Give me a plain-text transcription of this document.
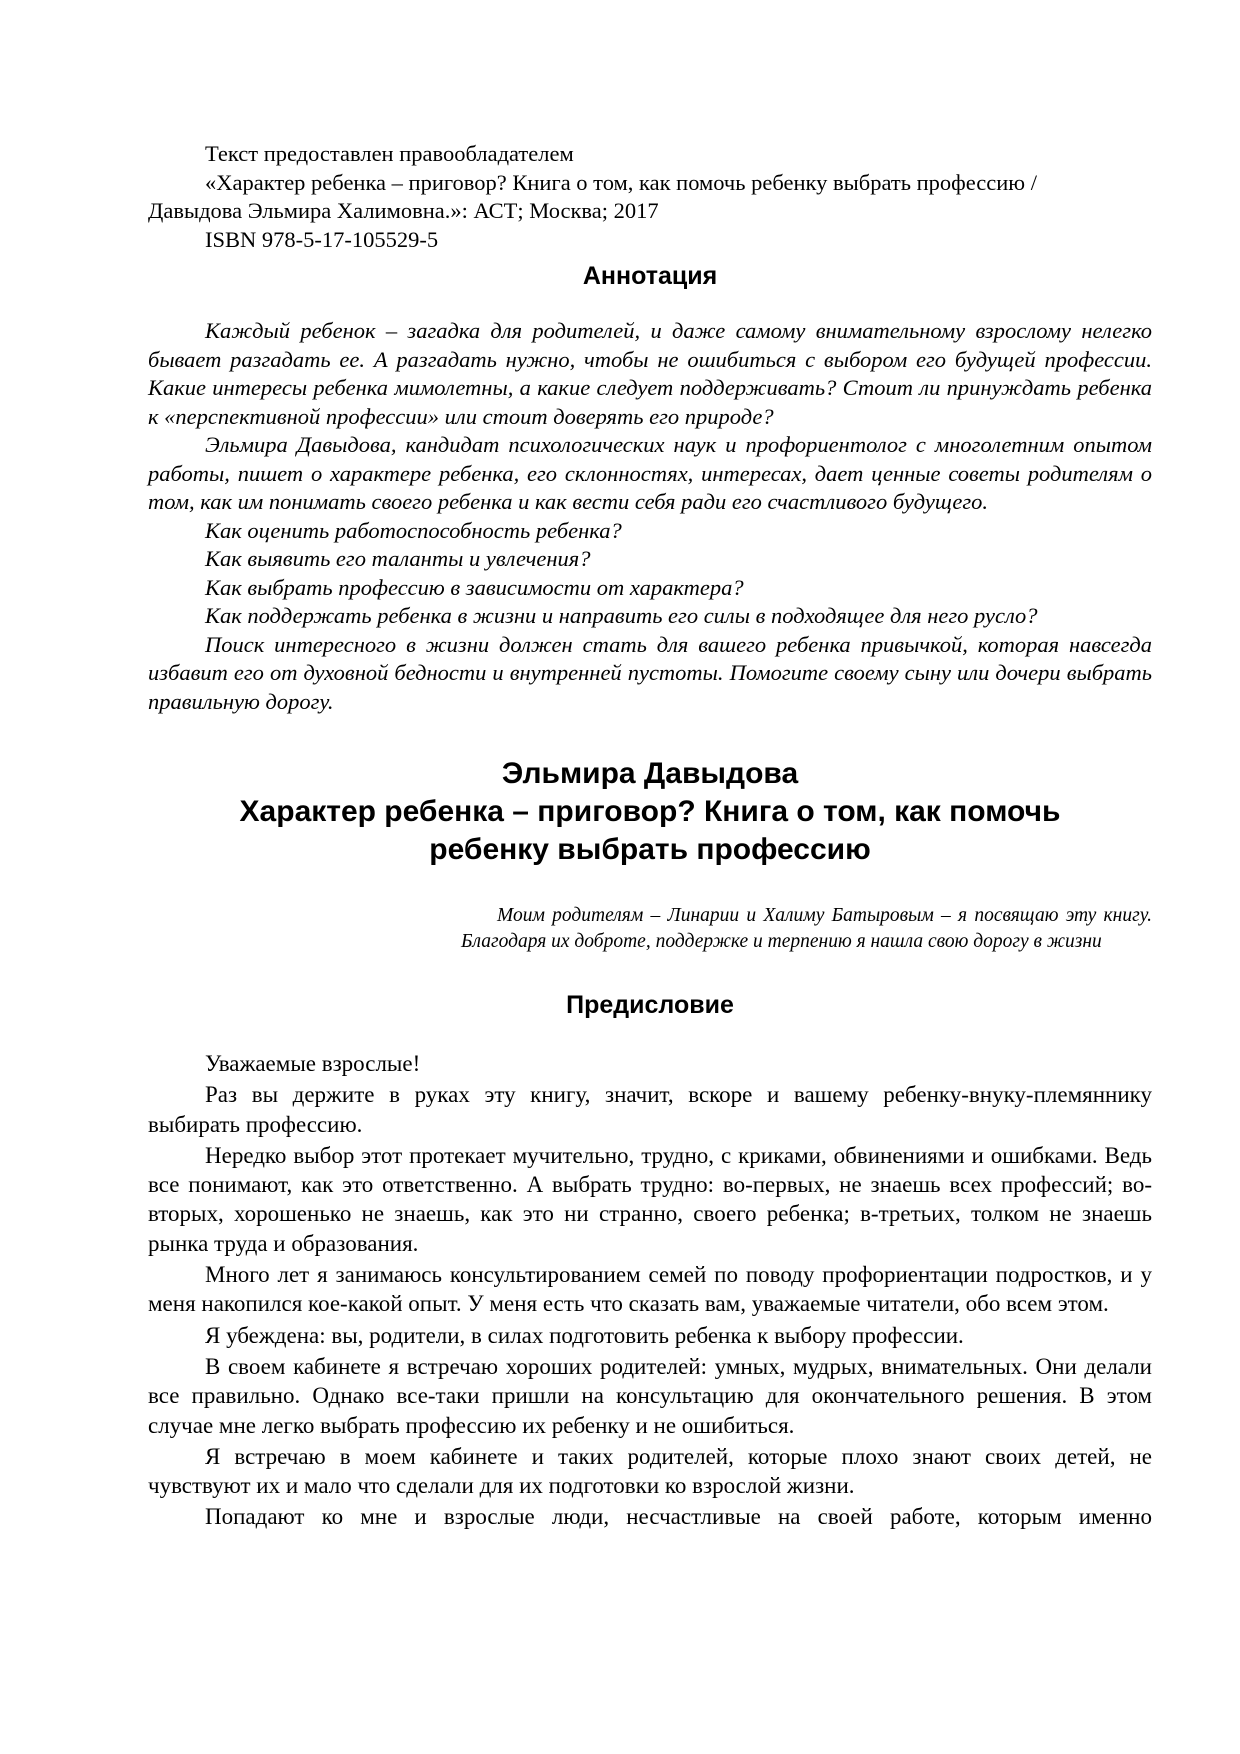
Текст предоставлен правообладателем

«Характер ребенка – приговор? Книга о том, как помочь ребенку выбрать профессию /

Давыдова Эльмира Халимовна.»: АСТ; Москва; 2017

ISBN 978-5-17-105529-5

Аннотация

Каждый ребенок – загадка для родителей, и даже самому внимательному взрослому нелегко бывает разгадать ее. А разгадать нужно, чтобы не ошибиться с выбором его будущей профессии. Какие интересы ребенка мимолетны, а какие следует поддерживать? Стоит ли принуждать ребенка к «перспективной профессии» или стоит доверять его природе?

Эльмира Давыдова, кандидат психологических наук и профориентолог с многолетним опытом работы, пишет о характере ребенка, его склонностях, интересах, дает ценные советы родителям о том, как им понимать своего ребенка и как вести себя ради его счастливого будущего.

Как оценить работоспособность ребенка?

Как выявить его таланты и увлечения?

Как выбрать профессию в зависимости от характера?

Как поддержать ребенка в жизни и направить его силы в подходящее для него русло?

Поиск интересного в жизни должен стать для вашего ребенка привычкой, которая навсегда избавит его от духовной бедности и внутренней пустоты. Помогите своему сыну или дочери выбрать правильную дорогу.

Эльмира Давыдова
Характер ребенка – приговор? Книга о том, как помочь
ребенку выбрать профессию
Моим родителям – Линарии и Халиму Батыровым – я посвящаю эту книгу. Благодаря их доброте, поддержке и терпению я нашла свою дорогу в жизни
Предисловие

Уважаемые взрослые!

Раз вы держите в руках эту книгу, значит, вскоре и вашему ребенку-внуку-племяннику выбирать профессию.

Нередко выбор этот протекает мучительно, трудно, с криками, обвинениями и ошибками. Ведь все понимают, как это ответственно. А выбрать трудно: во-первых, не знаешь всех профессий; во-вторых, хорошенько не знаешь, как это ни странно, своего ребенка; в-третьих, толком не знаешь рынка труда и образования.

Много лет я занимаюсь консультированием семей по поводу профориентации подростков, и у меня накопился кое-какой опыт. У меня есть что сказать вам, уважаемые читатели, обо всем этом.

Я убеждена: вы, родители, в силах подготовить ребенка к выбору профессии.

В своем кабинете я встречаю хороших родителей: умных, мудрых, внимательных. Они делали все правильно. Однако все-таки пришли на консультацию для окончательного решения. В этом случае мне легко выбрать профессию их ребенку и не ошибиться.

Я встречаю в моем кабинете и таких родителей, которые плохо знают своих детей, не чувствуют их и мало что сделали для их подготовки ко взрослой жизни.

Попадают ко мне и взрослые люди, несчастливые на своей работе, которым именно
